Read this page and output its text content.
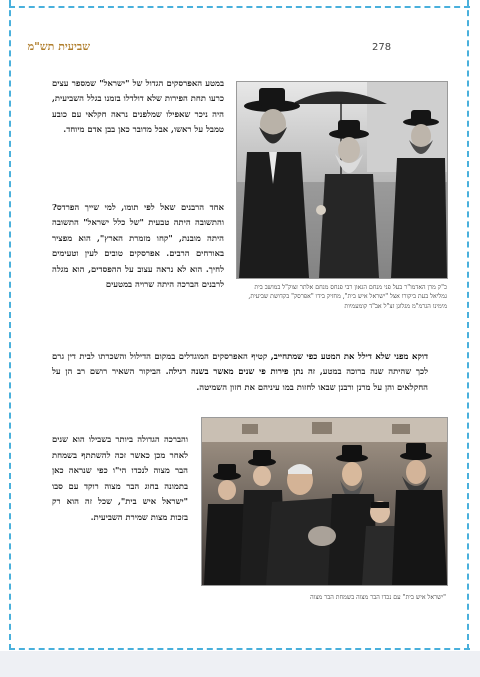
278
שביעית תש"מ
כ"ק מרן האדמו"ר בעל פני מנחם הגאון רבי פנחס מנחם אלתר זצוק"ל במושב בית גמליאל בעת ביקורו אצל "ישראל איש בית", מחזיק בידו "אפרסק" בקדושת שביעית, מימינו הגרמ"מ מגלוגן זצ"ל אב"ד קומעמיות
במטע האפרסקים הגדול של "ישראל" שמספר עצים כרעו תחת הפירות שלא דולדלו בזמנו בגלל השביעית, היה ניכר שאפילו שמלפנים נראה חקלאי עם כובע טמבל על ראשו, אבל מדובר כאן בבן אדם מיוחד.
אחד הרבנים שאל לפי תומו, למי שייך הפרדס? והתשובה היתה טבעית "של כלל ישראל" התשובה היתה מובנת, "קחו מזמרת הארץ", הוא מפציר באורחים הרבים. אפרסקים טובים לעין וטעימים לחיך. הוא לא נראה עצוב על ההפסדים, הוא מגלה לרבנים הברכה היתה שרויה במטעים
דוקא מפני שלא דילל את המטע כפי שמתחייב, קטיף האפרסקים המוגדלים במקום הדילול והשכרתו לבית דין גרם לכך שהיתה שנה ברוכה במטע, זה נתן פירות פי שנים מאשר בשנה רגילה. הביקור השאיר רושם רב הן על החקלאים והן על מרנן ורבנן שבאו לחזות במו עיניהם את חזון השמיטה.
והברכה הגדולה ביותר בשבילו הוא שנים לאחר מכן כאשר זכה להשתתף בשמחת הבר מצוה לנכדו הי"ו כפי שנראה כאן בתמונה בחוג הבר מצוה רוקד עם סבו "ישראל איש בית", שכל זה הוא רק בזכות מצות שמירת השביעית.
"ישראל איש בית" עם נכדו הבר מצוה בשמחת הבר מצוה
